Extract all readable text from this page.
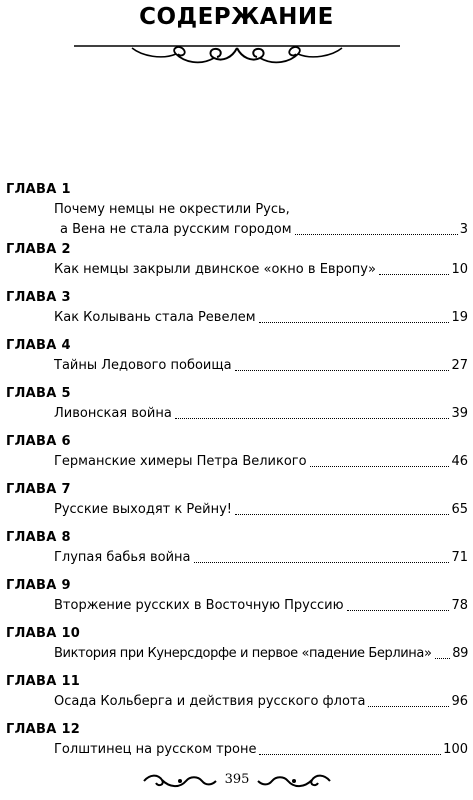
СОДЕРЖАНИЕ
ГЛАВА 1
Почему немцы не окрестили Русь,
а Вена не стала русским городом	3
ГЛАВА 2
Как немцы закрыли двинское «окно в Европу»	10
ГЛАВА 3
Как Колывань стала Ревелем	19
ГЛАВА 4
Тайны Ледового побоища	27
ГЛАВА 5
Ливонская война	39
ГЛАВА 6
Германские химеры Петра Великого	46
ГЛАВА 7
Русские выходят к Рейну!	65
ГЛАВА 8
Глупая бабья война	71
ГЛАВА 9
Вторжение русских в Восточную Пруссию	78
ГЛАВА 10
Виктория при Кунерсдорфе и первое «падение Берлина» 89
ГЛАВА 11
Осада Кольберга и действия русского флота	96
ГЛАВА 12
Голштинец на русском троне	100
395
